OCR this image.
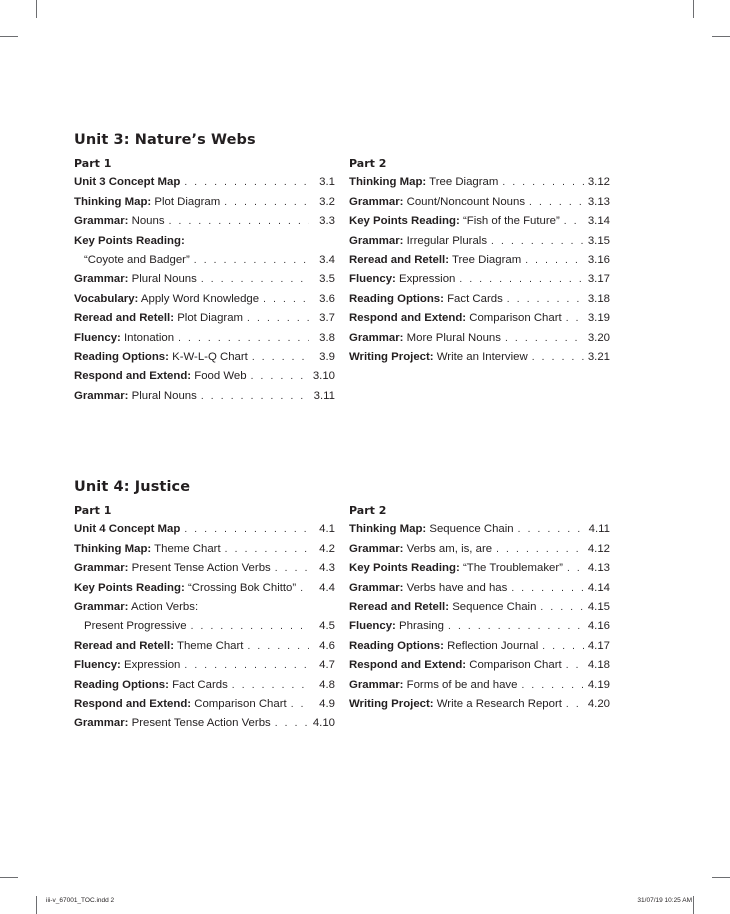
Unit 3: Nature’s Webs
Part 1
Unit 3 Concept Map . . .	3.1
Thinking Map: Plot Diagram . . .	3.2
Grammar: Nouns . . .	3.3
Key Points Reading:
“Coyote and Badger” . . .	3.4
Grammar: Plural Nouns . . .	3.5
Vocabulary: Apply Word Knowledge . . .	3.6
Reread and Retell: Plot Diagram . . .	3.7
Fluency: Intonation . . .	3.8
Reading Options: K-W-L-Q Chart . . .	3.9
Respond and Extend: Food Web . . .	3.10
Grammar: Plural Nouns . . .	3.11
Part 2
Thinking Map: Tree Diagram . . .	3.12
Grammar: Count/Noncount Nouns . . .	3.13
Key Points Reading: “Fish of the Future” . . . 3.14
Grammar: Irregular Plurals . . .	3.15
Reread and Retell: Tree Diagram . . .	3.16
Fluency: Expression . . .	3.17
Reading Options: Fact Cards . . .	3.18
Respond and Extend: Comparison Chart . . . 3.19
Grammar: More Plural Nouns . . .	3.20
Writing Project: Write an Interview . . .	3.21
Unit 4: Justice
Part 1
Unit 4 Concept Map . . .	4.1
Thinking Map: Theme Chart . . .	4.2
Grammar: Present Tense Action Verbs . . .	4.3
Key Points Reading: “Crossing Bok Chitto” . . .	4.4
Grammar: Action Verbs:
Present Progressive . . .	4.5
Reread and Retell: Theme Chart . . .	4.6
Fluency: Expression . . .	4.7
Reading Options: Fact Cards . . .	4.8
Respond and Extend: Comparison Chart . . .	4.9
Grammar: Present Tense Action Verbs . . .	4.10
Part 2
Thinking Map: Sequence Chain . . .	4.11
Grammar: Verbs am, is, are . . .	4.12
Key Points Reading: “The Troublemaker” . . . 4.13
Grammar: Verbs have and has . . .	4.14
Reread and Retell: Sequence Chain . . .	4.15
Fluency: Phrasing . . .	4.16
Reading Options: Reflection Journal . . .	4.17
Respond and Extend: Comparison Chart . . . 4.18
Grammar: Forms of be and have . . .	4.19
Writing Project: Write a Research Report . . . 4.20
iii-v_67001_TOC.indd 2	31/07/19 10:25 AM
